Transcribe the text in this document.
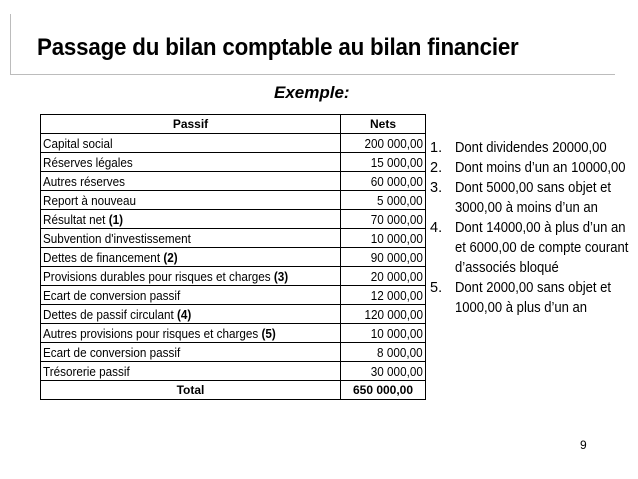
Passage du bilan comptable au bilan financier
Exemple:
Passif	Nets
Capital social	200 000,00
Réserves légales	15 000,00
Autres réserves	60 000,00
Report à nouveau	5 000,00
Résultat net (1)	70 000,00
Subvention d'investissement	10 000,00
Dettes de financement (2)	90 000,00
Provisions durables pour risques et charges (3)	20 000,00
Ecart de conversion passif	12 000,00
Dettes de passif circulant (4)	120 000,00
Autres provisions pour risques et charges (5)	10 000,00
Ecart de conversion passif	8 000,00
Trésorerie passif	30 000,00
Total	650 000,00
1. Dont dividendes 20000,00
2. Dont moins d’un an 10000,00
3. Dont 5000,00 sans objet et 3000,00 à moins d’un an
4. Dont 14000,00 à plus d’un an et 6000,00 de compte courant d’associés bloqué
5. Dont 2000,00 sans objet et 1000,00 à plus d’un an
9
